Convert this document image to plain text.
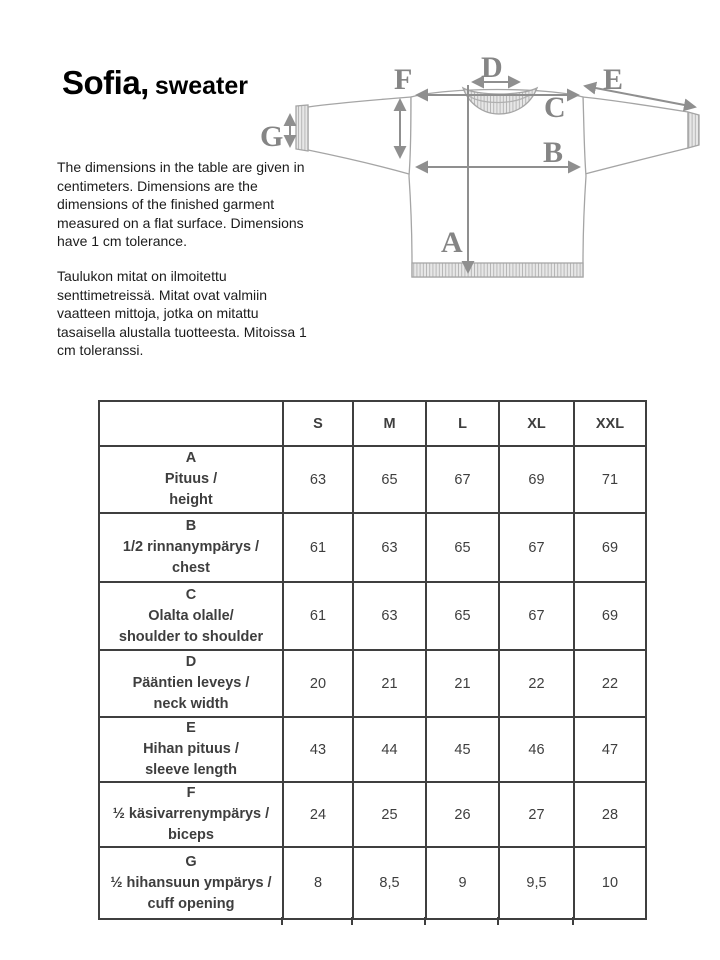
Sofia, sweater
The dimensions in the table are given in centimeters. Dimensions are the dimensions of the finished garment measured on a flat surface. Dimensions have 1 cm tolerance.
Taulukon mitat on ilmoitettu senttimetreissä. Mitat ovat valmiin vaatteen mittoja, jotka on mitattu tasaisella alustalla tuotteesta. Mitoissa 1 cm toleranssi.
A
B
C
D	E
F
G
	S	M	L	XL	XXL

A
Pituus /
height	63	65	67	69	71

B
1/2 rinnanympärys /
chest	61	63	65	67	69

C
Olalta olalle/
shoulder to shoulder	61	63	65	67	69

D
Pääntien leveys /
neck width	20	21	21	22	22

E
Hihan pituus /
sleeve length	43	44	45	46	47

F
½ käsivarrenympärys /
biceps	24	25	26	27	28

G
½ hihansuun ympärys /
cuff opening	8	8,5	9	9,5	10
